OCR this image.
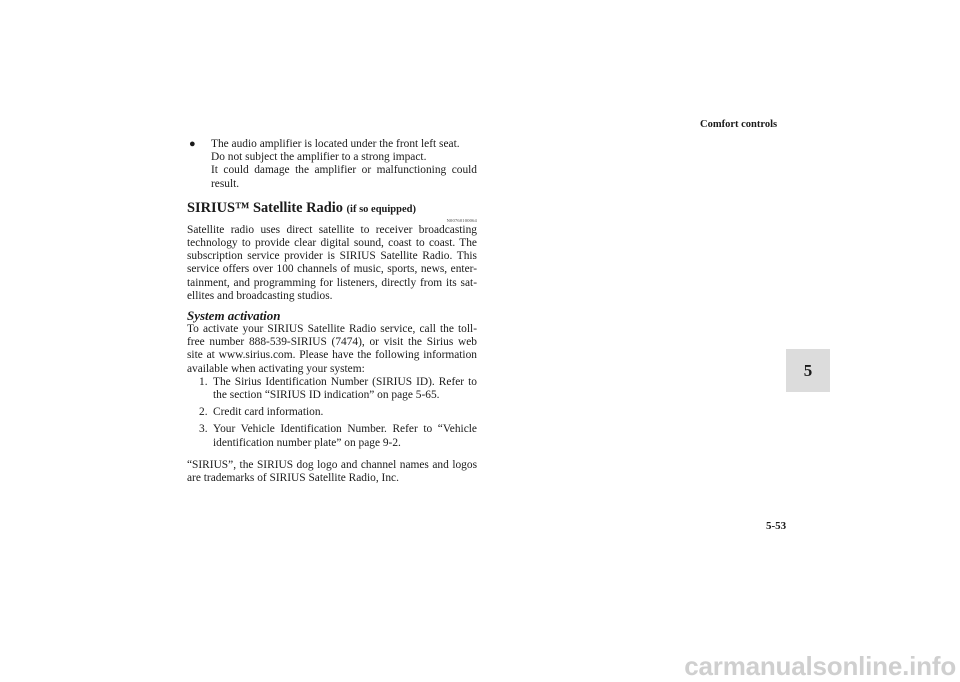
Comfort controls
●	The audio amplifier is located under the front left seat.

Do not subject the amplifier to a strong impact.

It could damage the amplifier or malfunctioning could result.

SIRIUS™ Satellite Radio (if so equipped)
N00760100064

Satellite radio uses direct satellite to receiver broadcasting technology to provide clear digital sound, coast to coast. The subscription service provider is SIRIUS Satellite Radio. This service offers over 100 channels of music, sports, news, enter-tainment, and programming for listeners, directly from its sat-ellites and broadcasting studios.

System activation

To activate your SIRIUS Satellite Radio service, call the toll-free number 888-539-SIRIUS (7474), or visit the Sirius web site at www.sirius.com. Please have the following information available when activating your system:

1. The Sirius Identification Number (SIRIUS ID). Refer to the section “SIRIUS ID indication” on page 5-65.
2. Credit card information.
3. Your Vehicle Identification Number. Refer to “Vehicle identification number plate” on page 9-2.

“SIRIUS”, the SIRIUS dog logo and channel names and logos are trademarks of SIRIUS Satellite Radio, Inc.

5
5-53
carmanualsonline.info
